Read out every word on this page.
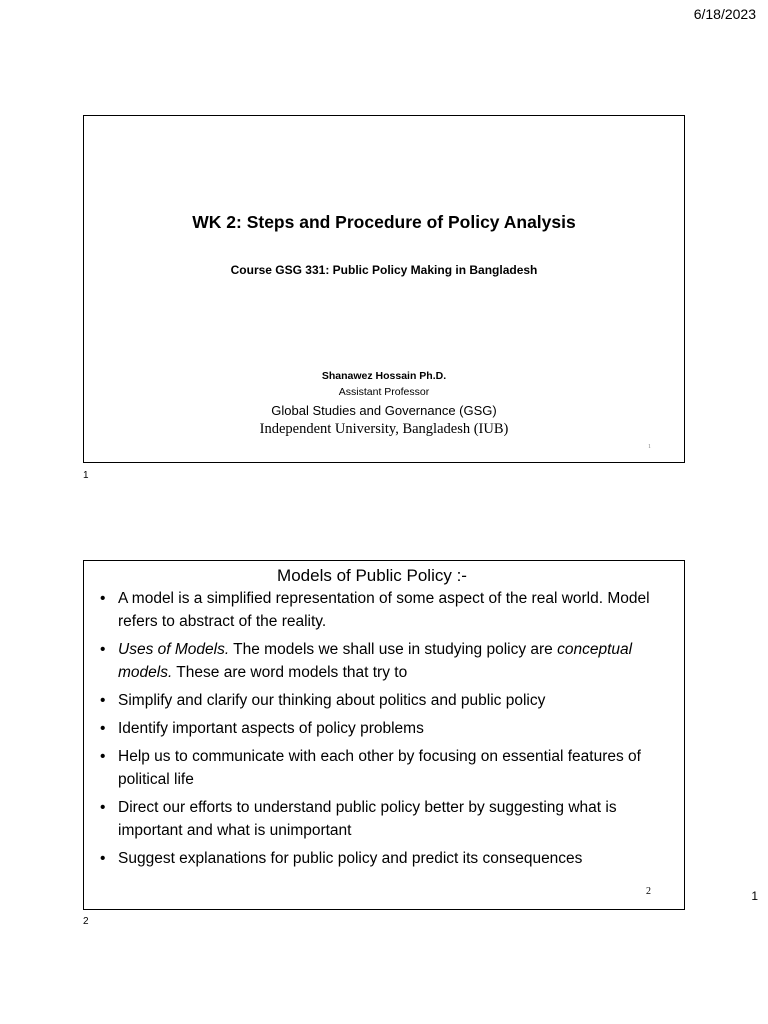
6/18/2023
WK 2: Steps and Procedure of Policy Analysis
Course GSG 331: Public Policy Making in Bangladesh
Shanawez Hossain Ph.D.
Assistant Professor
Global Studies and Governance (GSG)
Independent University, Bangladesh (IUB)
1
1
Models of Public Policy :-
• A model is a simplified representation of some aspect of the real world. Model refers to abstract of the reality.
• Uses of Models. The models we shall use in studying policy are conceptual models. These are word models that try to
• Simplify and clarify our thinking about politics and public policy
• Identify important aspects of policy problems
• Help us to communicate with each other by focusing on essential features of political life
• Direct our efforts to understand public policy better by suggesting what is important and what is unimportant
• Suggest explanations for public policy and predict its consequences
2
2
1
